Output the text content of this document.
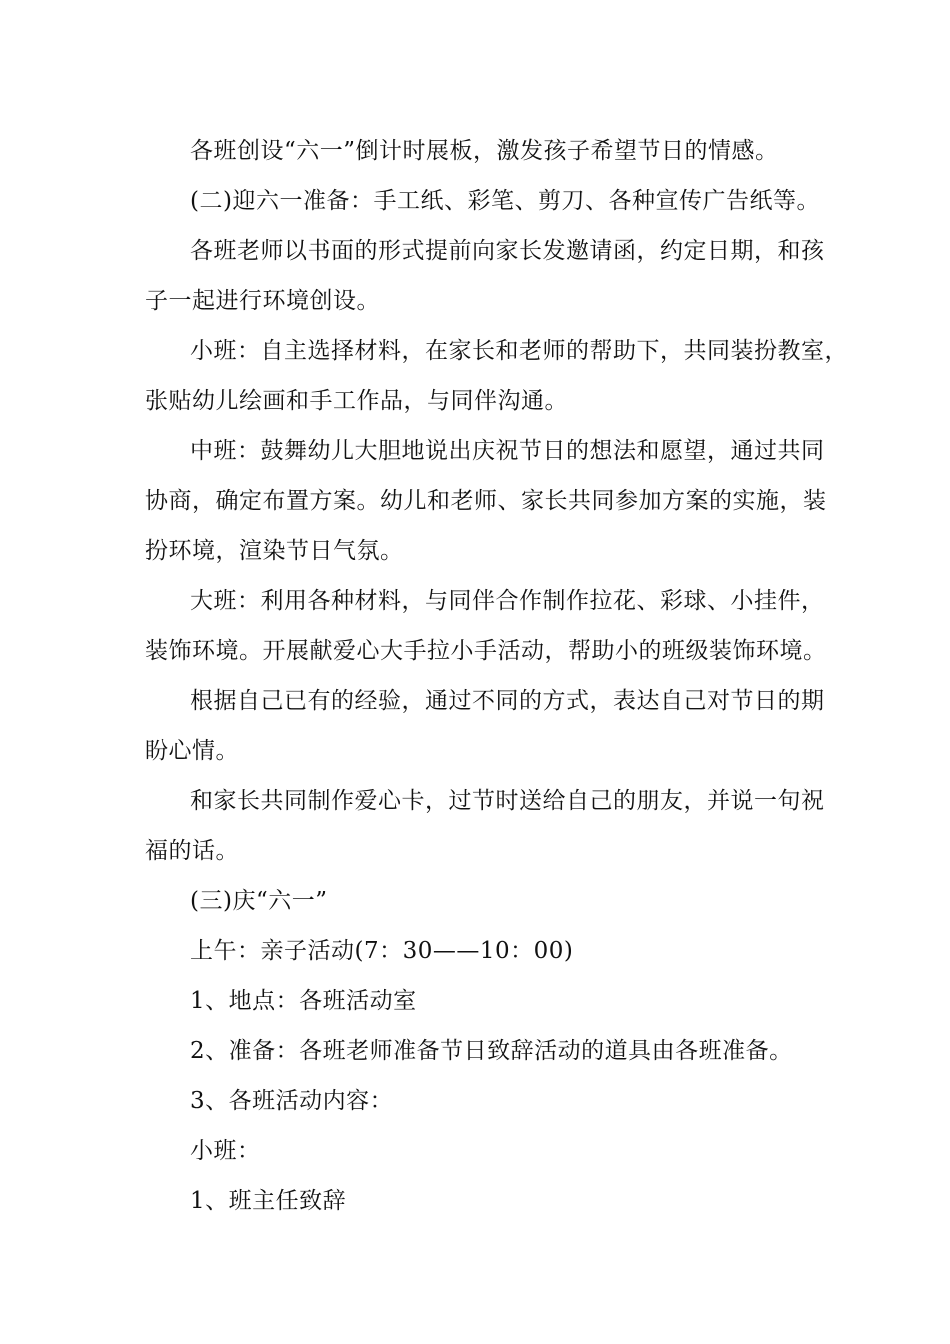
各班创设“六一”倒计时展板，激发孩子希望节日的情感。
(二)迎六一准备：手工纸、彩笔、剪刀、各种宣传广告纸等。
各班老师以书面的形式提前向家长发邀请函，约定日期，和孩
子一起进行环境创设。
小班：自主选择材料，在家长和老师的帮助下，共同装扮教室，
张贴幼儿绘画和手工作品，与同伴沟通。
中班：鼓舞幼儿大胆地说出庆祝节日的想法和愿望，通过共同
协商，确定布置方案。幼儿和老师、家长共同参加方案的实施，装
扮环境，渲染节日气氛。
大班：利用各种材料，与同伴合作制作拉花、彩球、小挂件，
装饰环境。开展献爱心大手拉小手活动，帮助小的班级装饰环境。
根据自己已有的经验，通过不同的方式，表达自己对节日的期
盼心情。
和家长共同制作爱心卡，过节时送给自己的朋友，并说一句祝
福的话。
(三)庆“六一”
上午：亲子活动(7：30——10：00)
1、地点：各班活动室
2、准备：各班老师准备节日致辞活动的道具由各班准备。
3、各班活动内容：
小班：
1、班主任致辞
